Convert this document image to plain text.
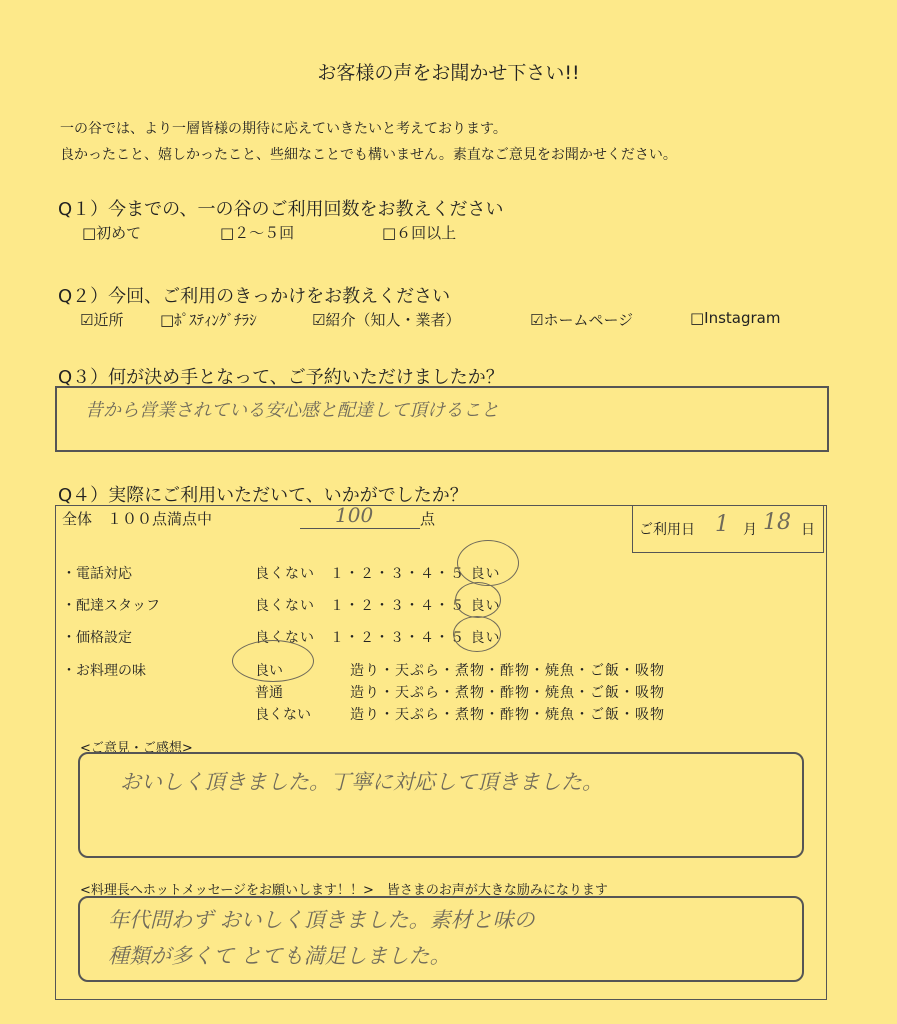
お客様の声をお聞かせ下さい!!
一の谷では、より一層皆様の期待に応えていきたいと考えております。
良かったこと、嬉しかったこと、些細なことでも構いません。素直なご意見をお聞かせください。
Q１）今までの、一の谷のご利用回数をお教えください
□初めて	□２～５回	□６回以上
Q２）今回、ご利用のきっかけをお教えください
☑近所 □ﾎﾟｽﾃｨﾝｸﾞﾁﾗｼ	☑紹介（知人・業者）	☑ホームページ	□Instagram
Q３）何が決め手となって、ご予約いただけましたか？
昔から営業されている安心感と配達して頂けること
Q４）実際にご利用いただいて、いかがでしたか？
全体　１００点満点中	100	点
ご利用日 1 月 18 日
・電話対応	良くない　１・２・３・４・５ 良い
・配達スタッフ	良くない　１・２・３・４・５ 良い
・価格設定	良くない　１・２・３・４・５ 良い
・お料理の味	良い	造り・天ぷら・煮物・酢物・焼魚・ご飯・吸物
普通	造り・天ぷら・煮物・酢物・焼魚・ご飯・吸物
良くない	造り・天ぷら・煮物・酢物・焼魚・ご飯・吸物
<ご意見・ご感想>
おいしく頂きました。丁寧に対応して頂きました。
<料理長へホットメッセージをお願いします！！>　皆さまのお声が大きな励みになります
年代問わず おいしく頂きました。素材と味の
種類が多くて とても満足しました。
